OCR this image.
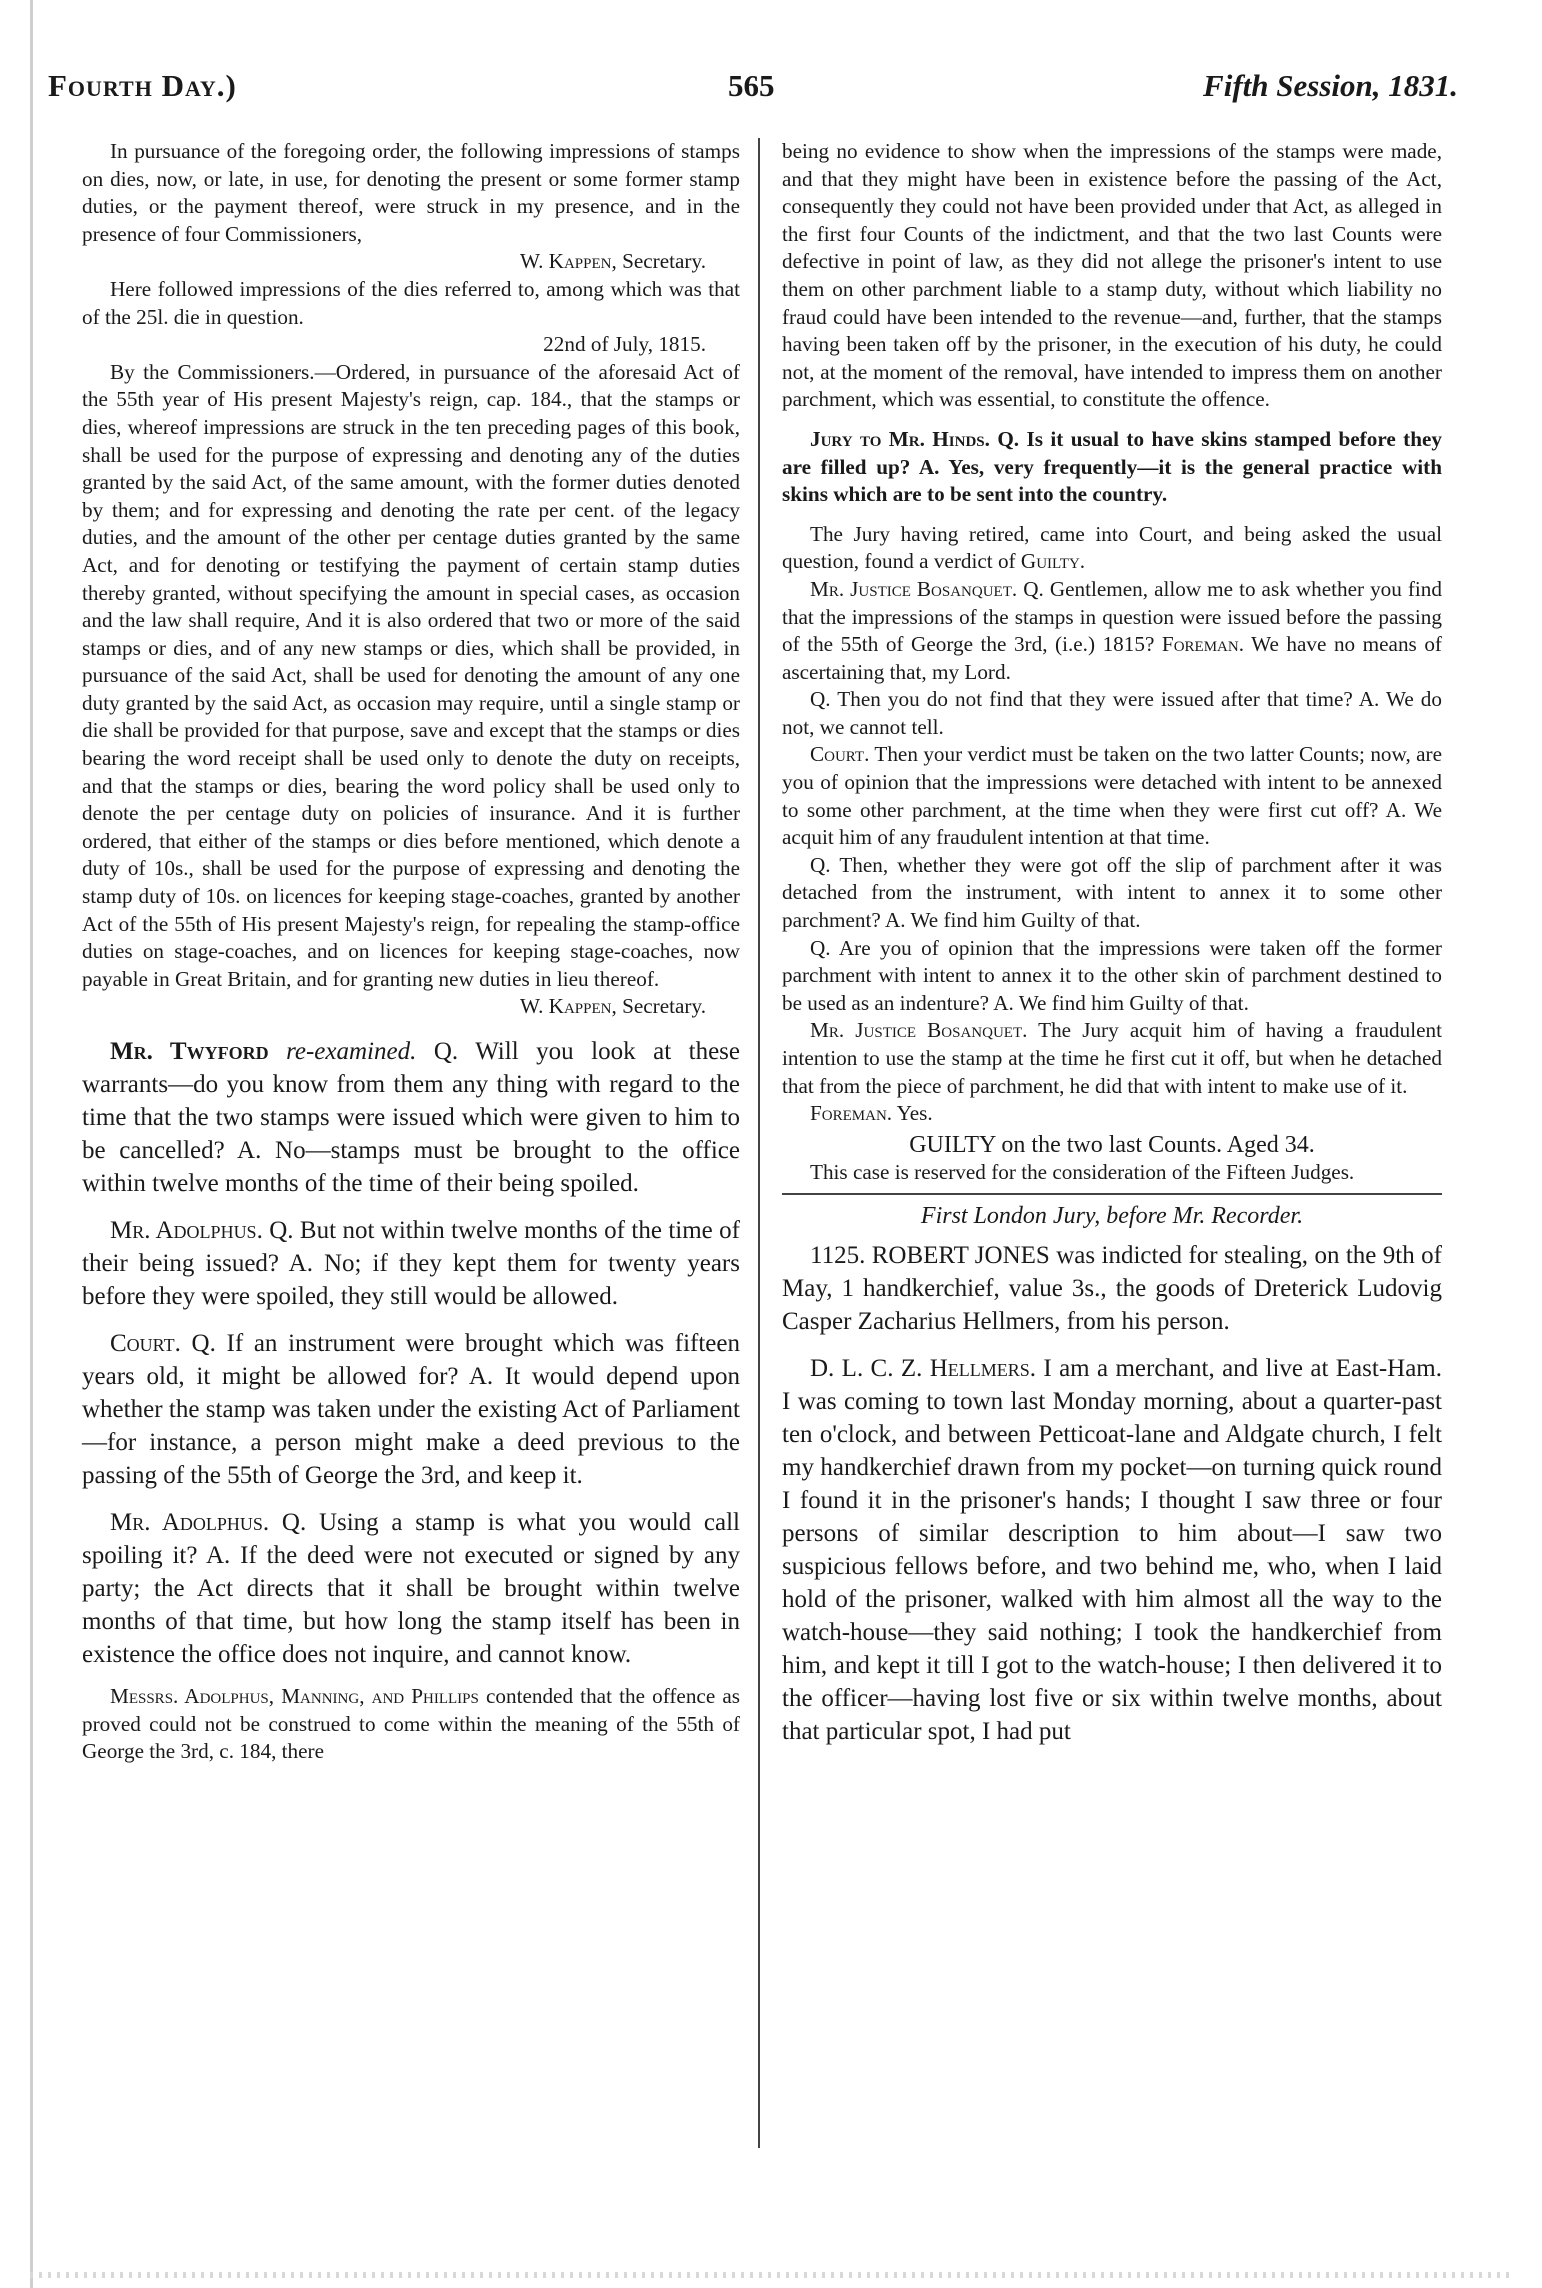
Fourth Day.)	565	Fifth Session, 1831.

In pursuance of the foregoing order, the following impressions of stamps on dies, now, or late, in use, for denoting the present or some former stamp duties, or the payment thereof, were struck in my presence, and in the presence of four Commissioners,

W. Kappen, Secretary.

Here followed impressions of the dies referred to, among which was that of the 25l. die in question.

22nd of July, 1815.

By the Commissioners.—Ordered, in pursuance of the aforesaid Act of the 55th year of His present Majesty's reign, cap. 184., that the stamps or dies, whereof impressions are struck in the ten preceding pages of this book, shall be used for the purpose of expressing and denoting any of the duties granted by the said Act, of the same amount, with the former duties denoted by them; and for expressing and denoting the rate per cent. of the legacy duties, and the amount of the other per centage duties granted by the same Act, and for denoting or testifying the payment of certain stamp duties thereby granted, without specifying the amount in special cases, as occasion and the law shall require, And it is also ordered that two or more of the said stamps or dies, and of any new stamps or dies, which shall be provided, in pursuance of the said Act, shall be used for denoting the amount of any one duty granted by the said Act, as occasion may require, until a single stamp or die shall be provided for that purpose, save and except that the stamps or dies bearing the word receipt shall be used only to denote the duty on receipts, and that the stamps or dies, bearing the word policy shall be used only to denote the per centage duty on policies of insurance. And it is further ordered, that either of the stamps or dies before mentioned, which denote a duty of 10s., shall be used for the purpose of expressing and denoting the stamp duty of 10s. on licences for keeping stage-coaches, granted by another Act of the 55th of His present Majesty's reign, for repealing the stamp-office duties on stage-coaches, and on licences for keeping stage-coaches, now payable in Great Britain, and for granting new duties in lieu thereof.

W. Kappen, Secretary.

Mr. Twyford re-examined. Q. Will you look at these warrants—do you know from them any thing with regard to the time that the two stamps were issued which were given to him to be cancelled? A. No—stamps must be brought to the office within twelve months of the time of their being spoiled.

Mr. Adolphus. Q. But not within twelve months of the time of their being issued? A. No; if they kept them for twenty years before they were spoiled, they still would be allowed.

Court. Q. If an instrument were brought which was fifteen years old, it might be allowed for? A. It would depend upon whether the stamp was taken under the existing Act of Parliament—for instance, a person might make a deed previous to the passing of the 55th of George the 3rd, and keep it.

Mr. Adolphus. Q. Using a stamp is what you would call spoiling it? A. If the deed were not executed or signed by any party; the Act directs that it shall be brought within twelve months of that time, but how long the stamp itself has been in existence the office does not inquire, and cannot know.

Messrs. Adolphus, Manning, and Phillips contended that the offence as proved could not be construed to come within the meaning of the 55th of George the 3rd, c. 184, there

being no evidence to show when the impressions of the stamps were made, and that they might have been in existence before the passing of the Act, consequently they could not have been provided under that Act, as alleged in the first four Counts of the indictment, and that the two last Counts were defective in point of law, as they did not allege the prisoner's intent to use them on other parchment liable to a stamp duty, without which liability no fraud could have been intended to the revenue—and, further, that the stamps having been taken off by the prisoner, in the execution of his duty, he could not, at the moment of the removal, have intended to impress them on another parchment, which was essential, to constitute the offence.

Jury to Mr. Hinds. Q. Is it usual to have skins stamped before they are filled up? A. Yes, very frequently—it is the general practice with skins which are to be sent into the country.

The Jury having retired, came into Court, and being asked the usual question, found a verdict of Guilty.

Mr. Justice Bosanquet. Q. Gentlemen, allow me to ask whether you find that the impressions of the stamps in question were issued before the passing of the 55th of George the 3rd, (i.e.) 1815? Foreman. We have no means of ascertaining that, my Lord.

Q. Then you do not find that they were issued after that time? A. We do not, we cannot tell.

Court. Then your verdict must be taken on the two latter Counts; now, are you of opinion that the impressions were detached with intent to be annexed to some other parchment, at the time when they were first cut off? A. We acquit him of any fraudulent intention at that time.

Q. Then, whether they were got off the slip of parchment after it was detached from the instrument, with intent to annex it to some other parchment? A. We find him Guilty of that.

Q. Are you of opinion that the impressions were taken off the former parchment with intent to annex it to the other skin of parchment destined to be used as an indenture? A. We find him Guilty of that.

Mr. Justice Bosanquet. The Jury acquit him of having a fraudulent intention to use the stamp at the time he first cut it off, but when he detached that from the piece of parchment, he did that with intent to make use of it.

Foreman. Yes.

GUILTY on the two last Counts. Aged 34.

This case is reserved for the consideration of the Fifteen Judges.

First London Jury, before Mr. Recorder.

1125. ROBERT JONES was indicted for stealing, on the 9th of May, 1 handkerchief, value 3s., the goods of Dreterick Ludovig Casper Zacharius Hellmers, from his person.

D. L. C. Z. Hellmers. I am a merchant, and live at East-Ham. I was coming to town last Monday morning, about a quarter-past ten o'clock, and between Petticoat-lane and Aldgate church, I felt my handkerchief drawn from my pocket—on turning quick round I found it in the prisoner's hands; I thought I saw three or four persons of similar description to him about—I saw two suspicious fellows before, and two behind me, who, when I laid hold of the prisoner, walked with him almost all the way to the watch-house—they said nothing; I took the handkerchief from him, and kept it till I got to the watch-house; I then delivered it to the officer—having lost five or six within twelve months, about that particular spot, I had put
